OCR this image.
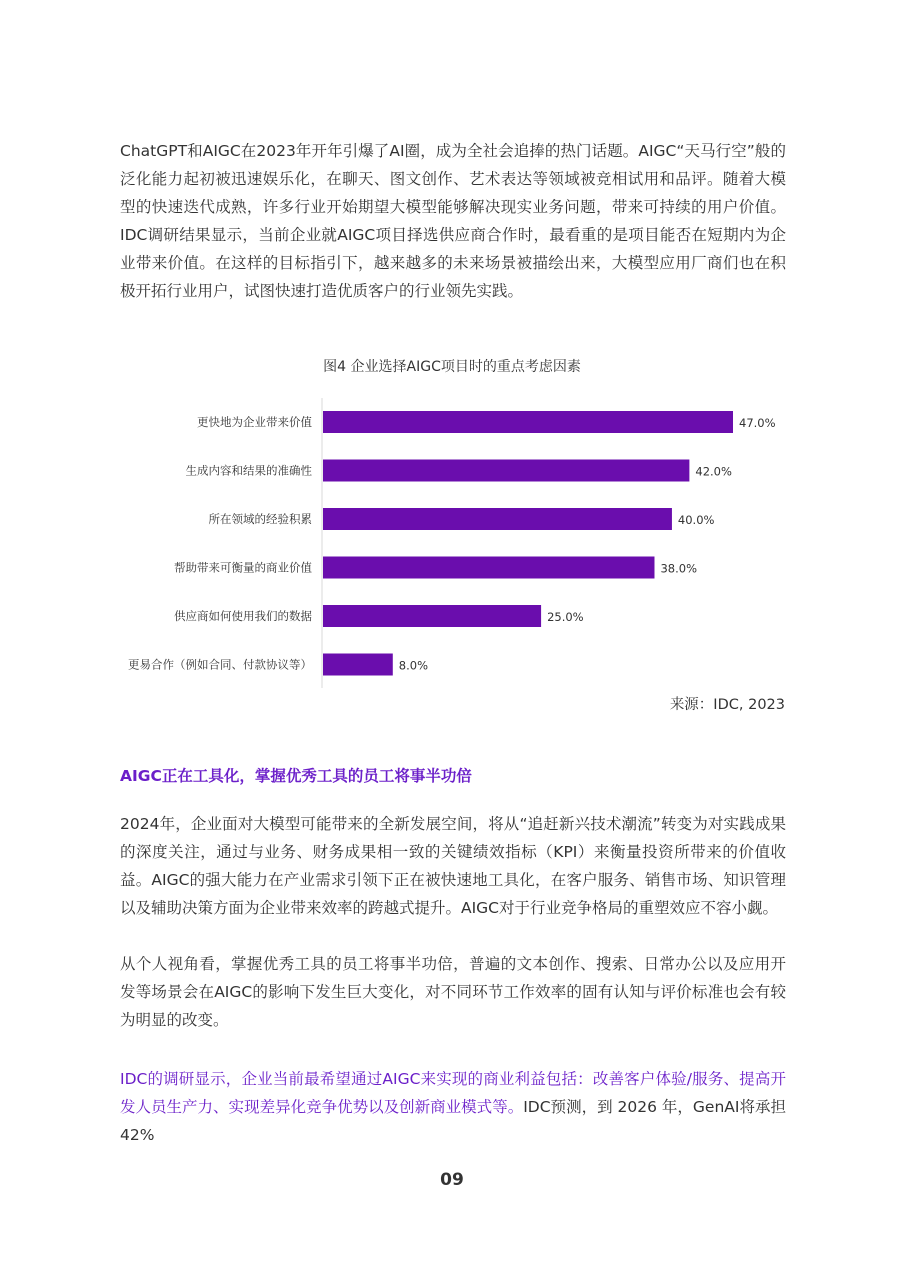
ChatGPT和AIGC在2023年开年引爆了AI圈，成为全社会追捧的热门话题。AIGC“天马行空”般的泛化能力起初被迅速娱乐化，在聊天、图文创作、艺术表达等领域被竞相试用和品评。随着大模型的快速迭代成熟，许多行业开始期望大模型能够解决现实业务问题，带来可持续的用户价值。IDC调研结果显示，当前企业就AIGC项目择选供应商合作时，最看重的是项目能否在短期内为企业带来价值。在这样的目标指引下，越来越多的未来场景被描绘出来，大模型应用厂商们也在积极开拓行业用户，试图快速打造优质客户的行业领先实践。

图4 企业选择AIGC项目时的重点考虑因素

更快地为企业带来价值	47.0%
生成内容和结果的准确性	42.0%
所在领域的经验积累	40.0%
帮助带来可衡量的商业价值	38.0%
供应商如何使用我们的数据	25.0%
更易合作（例如合同、付款协议等）	8.0%

来源：IDC, 2023

AIGC正在工具化，掌握优秀工具的员工将事半功倍

2024年，企业面对大模型可能带来的全新发展空间，将从“追赶新兴技术潮流”转变为对实践成果的深度关注，通过与业务、财务成果相一致的关键绩效指标（KPI）来衡量投资所带来的价值收益。AIGC的强大能力在产业需求引领下正在被快速地工具化，在客户服务、销售市场、知识管理以及辅助决策方面为企业带来效率的跨越式提升。AIGC对于行业竞争格局的重塑效应不容小觑。

从个人视角看，掌握优秀工具的员工将事半功倍，普遍的文本创作、搜索、日常办公以及应用开发等场景会在AIGC的影响下发生巨大变化，对不同环节工作效率的固有认知与评价标准也会有较为明显的改变。

IDC的调研显示，企业当前最希望通过AIGC来实现的商业利益包括：改善客户体验/服务、提高开发人员生产力、实现差异化竞争优势以及创新商业模式等。IDC预测，到 2026 年，GenAI将承担 42%

09
